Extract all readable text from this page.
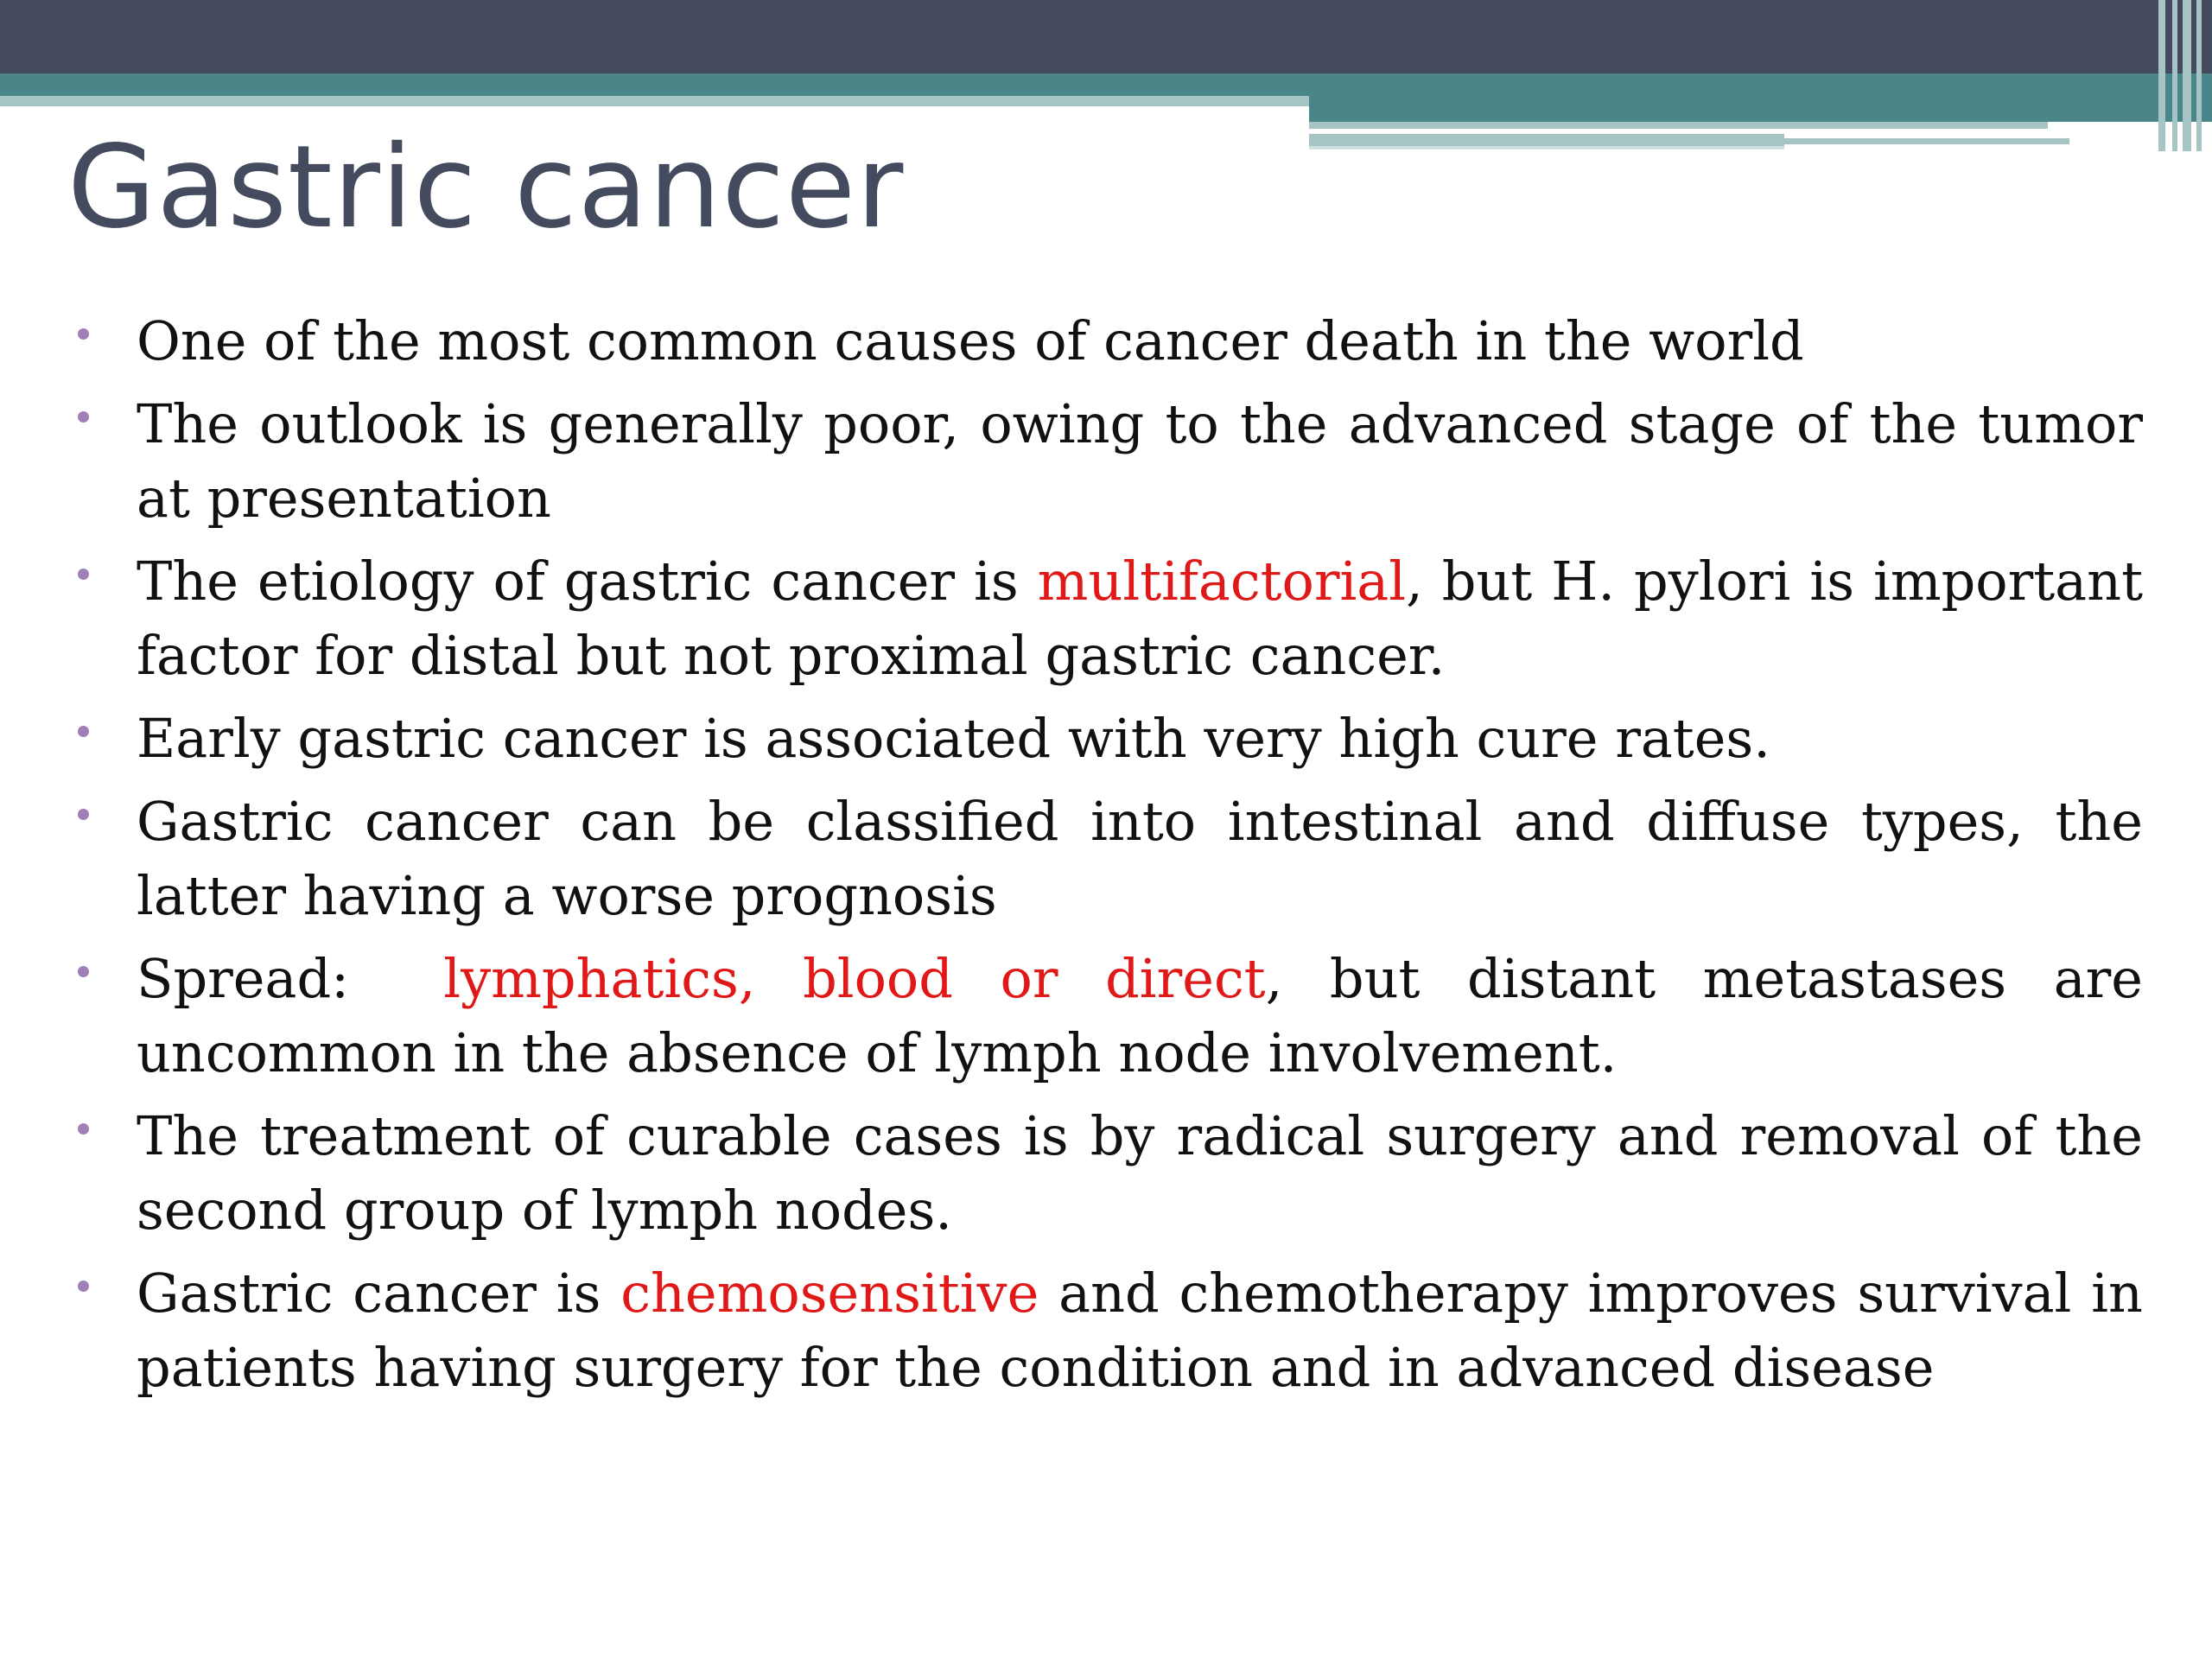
Gastric cancer
One of the most common causes of cancer death in the world
The outlook is generally poor, owing to the advanced stage of the tumor at presentation
The etiology of gastric cancer is multifactorial, but H. pylori is important factor for distal but not proximal gastric cancer.
Early gastric cancer is associated with very high cure rates.
Gastric cancer can be classified into intestinal and diffuse types, the latter having a worse prognosis
Spread:  lymphatics, blood or direct, but distant metastases are uncommon in the absence of lymph node involvement.
The treatment of curable cases is by radical surgery and removal of the second group of lymph nodes.
Gastric cancer is chemosensitive and chemotherapy improves survival in patients having surgery for the condition and in advanced disease
